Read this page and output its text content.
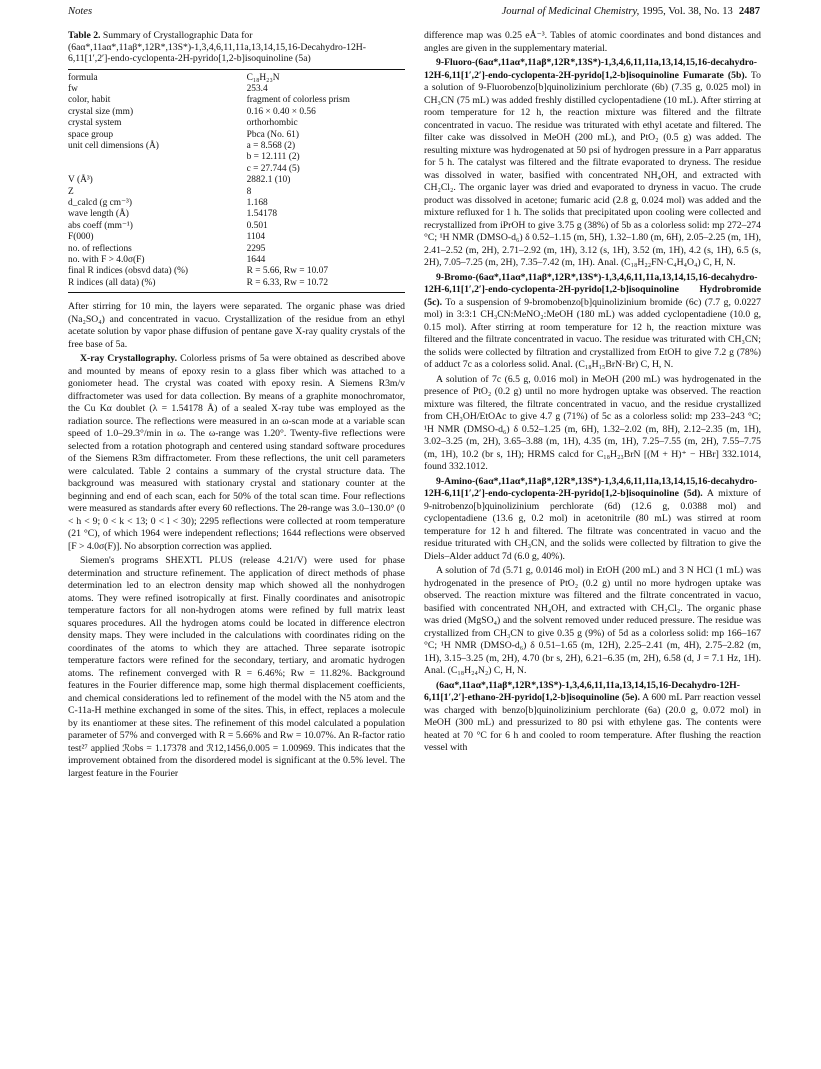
Notes	Journal of Medicinal Chemistry, 1995, Vol. 38, No. 13 2487
Table 2. Summary of Crystallographic Data for (6aα*,11aα*,11aβ*,12R*,13S*)-1,3,4,6,11,11a,13,14,15,16-Decahydro-12H-6,11[1′,2′]-endo-cyclopenta-2H-pyrido[1,2-b]isoquinoline (5a)
formula	C₁₈H₂₃N
fw	253.4
color, habit	fragment of colorless prism
crystal size (mm)	0.16 × 0.40 × 0.56
crystal system	orthorhombic
space group	Pbca (No. 61)
unit cell dimensions (Å)	a = 8.568 (2)
	b = 12.111 (2)
	c = 27.744 (5)
V (Å³)	2882.1 (10)
Z	8
d_calcd (g cm⁻³)	1.168
wave length (Å)	1.54178
abs coeff (mm⁻¹)	0.501
F(000)	1104
no. of reflections	2295
no. with F > 4.0σ(F)	1644
final R indices (obsvd data) (%)	R = 5.66, Rw = 10.07
R indices (all data) (%)	R = 6.33, Rw = 10.72

After stirring for 10 min, the layers were separated. The organic phase was dried (Na₂SO₄) and concentrated in vacuo. Crystallization of the residue from an ethyl acetate solution by vapor phase diffusion of pentane gave X-ray quality crystals of the free base of 5a.

X-ray Crystallography. Colorless prisms of 5a were obtained as described above and mounted by means of epoxy resin to a glass fiber which was attached to a goniometer head. The crystal was coated with epoxy resin. A Siemens R3m/v diffractometer was used for data collection. By means of a graphite monochromator, the Cu Kα doublet (λ = 1.54178 Å) of a sealed X-ray tube was employed as the radiation source. The reflections were measured in an ω-scan mode at a variable scan speed of 1.0–29.3°/min in ω. The ω-range was 1.20°. Twenty-five reflections were selected from a rotation photograph and centered using standard software procedures of the Siemens R3m diffractometer. From these reflections, the unit cell parameters were calculated. Table 2 contains a summary of the crystal structure data. The background was measured with stationary crystal and stationary counter at the beginning and end of each scan, each for 50% of the total scan time. Four reflections were measured as standards after every 60 reflections. The 2θ-range was 3.0–130.0° (0 < h < 9; 0 < k < 13; 0 < l < 30); 2295 reflections were collected at room temperature (21 °C), of which 1964 were independent reflections; 1644 reflections were observed [F > 4.0σ(F)]. No absorption correction was applied.

Siemen's programs SHEXTL PLUS (release 4.21/V) were used for phase determination and structure refinement. The application of direct methods of phase determination led to an electron density map which showed all the nonhydrogen atoms. They were refined isotropically at first. Finally coordinates and anisotropic temperature factors for all non-hydrogen atoms were refined by full matrix least squares procedures. All the hydrogen atoms could be located in difference electron density maps. They were included in the calculations with coordinates riding on the coordinates of the atoms to which they are attached. Three separate isotropic temperature factors were refined for the secondary, tertiary, and aromatic hydrogen atoms. The refinement converged with R = 6.46%; Rw = 11.82%. Background features in the Fourier difference map, some high thermal displacement coefficients, and chemical considerations led to refinement of the model with the N5 atom and the C-11a-H methine exchanged in some of the sites. This, in effect, replaces a molecule by its enantiomer at these sites. The refinement of this model calculated a population parameter of 57% and converged with R = 5.66% and Rw = 10.07%. An R-factor ratio test²⁷ applied ℛobs = 1.17378 and ℛ12,1456,0.005 = 1.00969. This indicates that the improvement obtained from the disordered model is significant at the 0.5% level. The largest feature in the Fourier

difference map was 0.25 eÅ⁻³. Tables of atomic coordinates and bond distances and angles are given in the supplementary material.

9-Fluoro-(6aα*,11aα*,11aβ*,12R*,13S*)-1,3,4,6,11,11a,13,14,15,16-decahydro-12H-6,11[1′,2′]-endo-cyclopenta-2H-pyrido[1,2-b]isoquinoline Fumarate (5b). To a solution of 9-Fluorobenzo[b]quinolizinium perchlorate (6b) (7.35 g, 0.025 mol) in CH₃CN (75 mL) was added freshly distilled cyclopentadiene (10 mL). After stirring at room temperature for 12 h, the reaction mixture was filtered and the filtrate concentrated in vacuo. The residue was triturated with ethyl acetate and filtered. The filter cake was dissolved in MeOH (200 mL), and PtO₂ (0.5 g) was added. The resulting mixture was hydrogenated at 50 psi of hydrogen pressure in a Parr apparatus for 5 h. The catalyst was filtered and the filtrate evaporated to dryness. The residue was dissolved in water, basified with concentrated NH₄OH, and extracted with CH₂Cl₂. The organic layer was dried and evaporated to dryness in vacuo. The crude product was dissolved in acetone; fumaric acid (2.8 g, 0.024 mol) was added and the mixture refluxed for 1 h. The solids that precipitated upon cooling were collected and recrystallized from iPrOH to give 3.75 g (38%) of 5b as a colorless solid: mp 272–274 °C; ¹H NMR (DMSO-d₆) δ 0.52–1.15 (m, 5H), 1.32–1.80 (m, 6H), 2.05–2.25 (m, 1H), 2.41–2.52 (m, 2H), 2.71–2.92 (m, 1H), 3.12 (s, 1H), 3.52 (m, 1H), 4.2 (s, 1H), 6.5 (s, 2H), 7.05–7.25 (m, 2H), 7.35–7.42 (m, 1H). Anal. (C₁₈H₂₂FN·C₄H₄O₄) C, H, N.

9-Bromo-(6aα*,11aα*,11aβ*,12R*,13S*)-1,3,4,6,11,11a,13,14,15,16-decahydro-12H-6,11[1′,2′]-endo-cyclopenta-2H-pyrido[1,2-b]isoquinoline Hydrobromide (5c). To a suspension of 9-bromobenzo[b]quinolizinium bromide (6c) (7.7 g, 0.0227 mol) in 3:3:1 CH₃CN:MeNO₂:MeOH (180 mL) was added cyclopentadiene (10.0 g, 0.15 mol). After stirring at room temperature for 12 h, the reaction mixture was filtered and the filtrate concentrated in vacuo. The residue was triturated with CH₃CN; the solids were collected by filtration and crystallized from EtOH to give 7.2 g (78%) of adduct 7c as a colorless solid. Anal. (C₁₈H₁₅BrN·Br) C, H, N.

A solution of 7c (6.5 g, 0.016 mol) in MeOH (200 mL) was hydrogenated in the presence of PtO₂ (0.2 g) until no more hydrogen uptake was observed. The reaction mixture was filtered, the filtrate concentrated in vacuo, and the residue crystallized from CH₃OH/EtOAc to give 4.7 g (71%) of 5c as a colorless solid: mp 233–243 °C; ¹H NMR (DMSO-d₆) δ 0.52–1.25 (m, 6H), 1.32–2.02 (m, 8H), 2.12–2.35 (m, 1H), 3.02–3.25 (m, 2H), 3.65–3.88 (m, 1H), 4.35 (m, 1H), 7.25–7.55 (m, 2H), 7.55–7.75 (m, 1H), 10.2 (br s, 1H); HRMS calcd for C₁₈H₂₃BrN [(M + H)⁺ − HBr] 332.1014, found 332.1012.

9-Amino-(6aα*,11aα*,11aβ*,12R*,13S*)-1,3,4,6,11,11a,13,14,15,16-decahydro-12H-6,11[1′,2′]-endo-cyclopenta-2H-pyrido[1,2-b]isoquinoline (5d). A mixture of 9-nitrobenzo[b]quinolizinium perchlorate (6d) (12.6 g, 0.0388 mol) and cyclopentadiene (13.6 g, 0.2 mol) in acetonitrile (80 mL) was stirred at room temperature for 12 h and filtered. The filtrate was concentrated in vacuo and the residue triturated with CH₃CN, and the solids were collected by filtration to give the Diels–Alder adduct 7d (6.0 g, 40%).

A solution of 7d (5.71 g, 0.0146 mol) in EtOH (200 mL) and 3 N HCl (1 mL) was hydrogenated in the presence of PtO₂ (0.2 g) until no more hydrogen uptake was observed. The reaction mixture was filtered and the filtrate concentrated in vacuo, basified with concentrated NH₄OH, and extracted with CH₂Cl₂. The organic phase was dried (MgSO₄) and the solvent removed under reduced pressure. The residue was crystallized from CH₃CN to give 0.35 g (9%) of 5d as a colorless solid: mp 166–167 °C; ¹H NMR (DMSO-d₆) δ 0.51–1.65 (m, 12H), 2.25–2.41 (m, 4H), 2.75–2.82 (m, 1H), 3.15–3.25 (m, 2H), 4.70 (br s, 2H), 6.21–6.35 (m, 2H), 6.58 (d, J = 7.1 Hz, 1H). Anal. (C₁₈H₂₄N₂) C, H, N.

(6aα*,11aα*,11aβ*,12R*,13S*)-1,3,4,6,11,11a,13,14,15,16-Decahydro-12H-6,11[1′,2′]-ethano-2H-pyrido[1,2-b]isoquinoline (5e). A 600 mL Parr reaction vessel was charged with benzo[b]quinolizinium perchlorate (6a) (20.0 g, 0.072 mol) in MeOH (300 mL) and pressurized to 80 psi with ethylene gas. The contents were heated at 70 °C for 6 h and cooled to room temperature. After flushing the reaction vessel with
